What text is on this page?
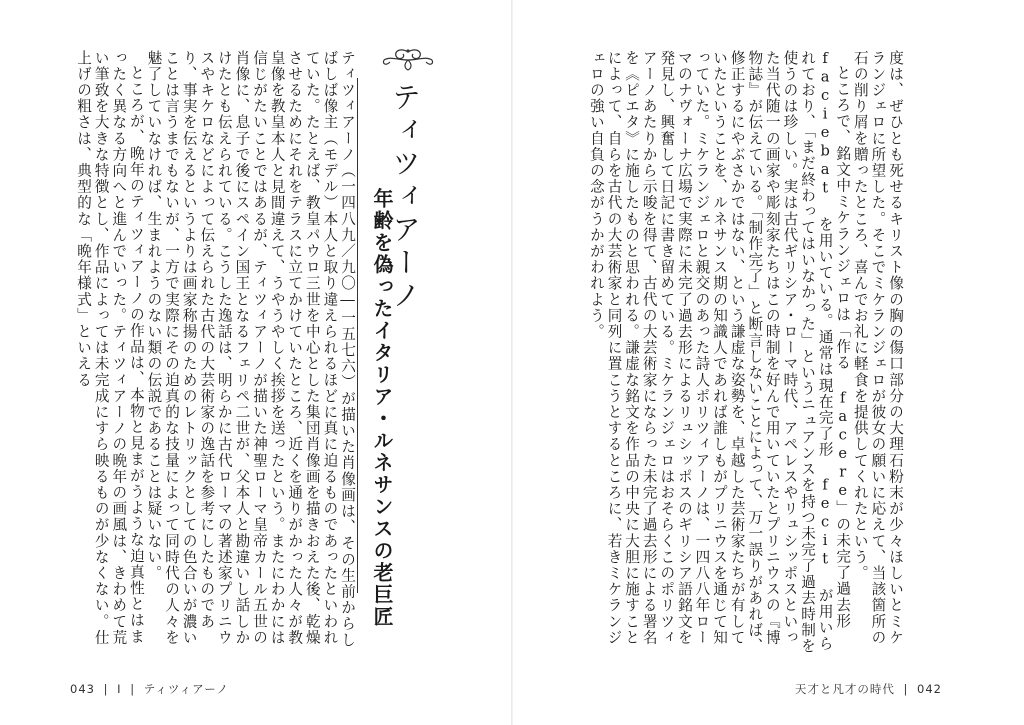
度は、ぜひとも死せるキリスト像の胸の傷口部分の大理石粉末が少々ほしいとミケランジェロに所望した。そこでミケランジェロが彼女の願いに応えて、当該箇所の石の削り屑を贈ったところ、喜んでお礼に軽食を提供してくれたという。
ところで、銘文中ミケランジェロは「作る facere」の未完了過去形 faciebat を用いている。通常は現在完了形 fecit が用いられており、「まだ終わってはいなかった」というニュアンスを持つ未完了過去時制を使うのは珍しい。実は古代ギリシア・ローマ時代、アペレスやリュシッポスといった当代随一の画家や彫刻家たちはこの時制を好んで用いていたとプリニウスの『博物誌』が伝えている。「制作完了」と断言しないことによって、万一誤りがあれば、修正するにやぶさかではない、という謙虚な姿勢を、卓越した芸術家たちが有していたということを、ルネサンス期の知識人であれば誰しもがプリニウスを通じて知っていた。ミケランジェロと親交のあった詩人ポリツィアーノは、一四八八年ローマのナヴォーナ広場で実際に未完了過去形によるリュシッポスのギリシア語銘文を発見し、興奮して日記に書き留めている。ミケランジェロはおそらくこのポリツィアーノあたりから示唆を得て、古代の大芸術家にならった未完了過去形による署名を《ピエタ》に施したものと思われる。謙虚な銘文を作品の中央に大胆に施すことによって、自らを古代の大芸術家と同列に置こうとするところに、若きミケランジェロの強い自負の念がうかがわれよう。
ティツィアーノ
年齢を偽ったイタリア・ルネサンスの老巨匠
ティツィアーノ（一四八九／九〇―一五七六）が描いた肖像画は、その生前からしばしば像主（モデル）本人と取り違えられるほどに真に迫るものであったといわれていた。たとえば、教皇パウロ三世を中心とした集団肖像画を描きおえた後、乾燥させるためにそれをテラスに立てかけていたところ、近くを通りがかった人々が教皇像を教皇本人と見間違えて、うやうやしく挨拶を送ったという。またにわかには信じがたいことではあるが、ティツィアーノが描いた神聖ローマ皇帝カール五世の肖像に、息子で後にスペイン国王となるフェリペ二世が、父本人と勘違いし話しかけたとも伝えられている。こうした逸話は、明らかに古代ローマの著述家プリニウスやキケロなどによって伝えられた古代の大芸術家の逸話を参考にしたものであり、事実を伝えるというよりは画家称揚のためのレトリックとしての色合いが濃いことは言うまでもないが、一方で実際にその迫真的な技量によって同時代の人々を魅了していなければ、生まれようのない類の伝説であることは疑いない。
ところが、晩年のティツィアーノの作品は、本物と見まがうような迫真性とはまったく異なる方向へと進んでいった。ティツィアーノの晩年の画風は、きわめて荒い筆致を大きな特徴とし、作品によっては未完成にすら映るものが少なくない。仕上げの粗さは、典型的な「晩年様式」といえる
043 | I | ティツィアーノ	天才と凡才の時代 | 042
